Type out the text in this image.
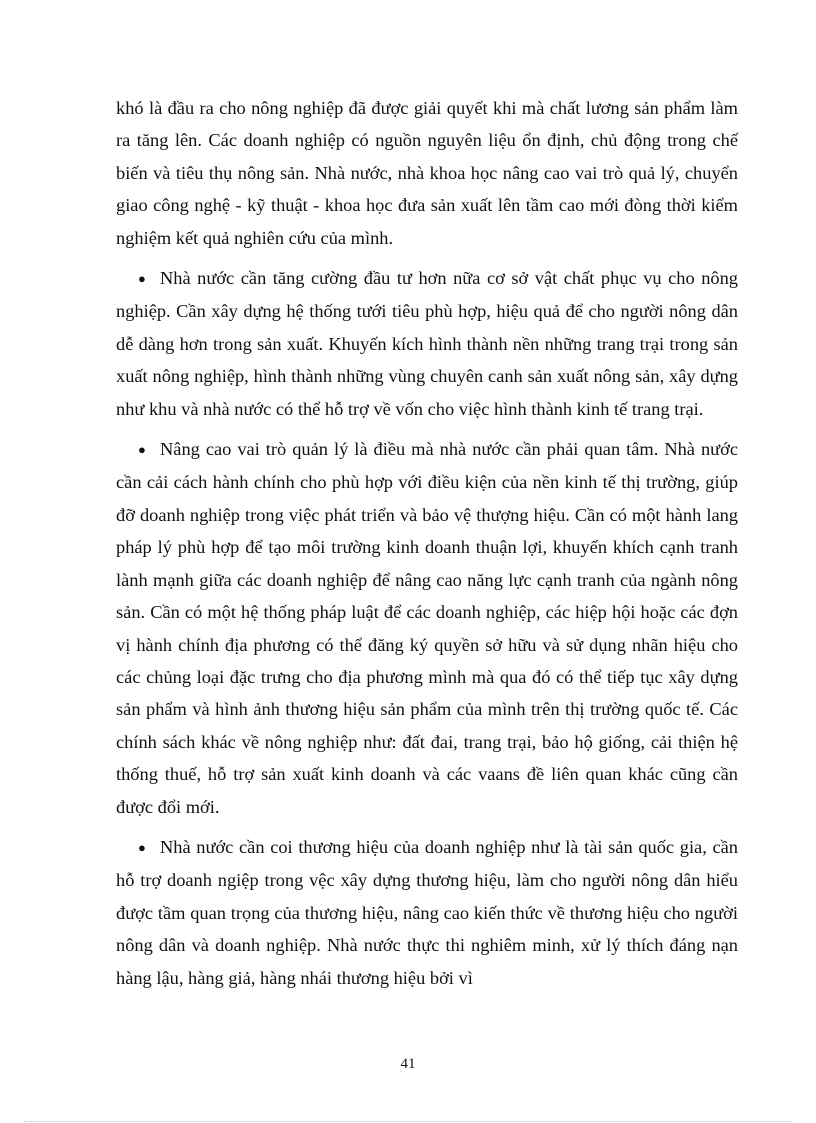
khó là đầu ra cho nông nghiệp đã được giải quyết khi mà chất lương sản phẩm làm ra tăng lên. Các doanh nghiệp có nguồn nguyên liệu ổn định, chủ động trong chế biến và tiêu thụ nông sản. Nhà nước, nhà khoa học nâng cao vai trò quả lý, chuyển giao công nghệ - kỹ thuật - khoa học đưa sản xuất lên tầm cao mới đòng thời kiểm nghiệm kết quả nghiên cứu của mình.

● Nhà nước cần tăng cường đầu tư hơn nữa cơ sở vật chất phục vụ cho nông nghiệp. Cần xây dựng hệ thống tưới tiêu phù hợp, hiệu quả để cho người nông dân dễ dàng hơn trong sản xuất. Khuyến kích hình thành nền những trang trại trong sản xuất nông nghiệp, hình thành những vùng chuyên canh sản xuất nông sản, xây dựng như khu và nhà nước có thể hỗ trợ về vốn cho việc hình thành kinh tế trang trại.

● Nâng cao vai trò quản lý là điều mà nhà nước cần phải quan tâm. Nhà nước cần cải cách hành chính cho phù hợp với điều kiện của nền kinh tế thị trường, giúp đỡ doanh nghiệp trong việc phát triển và bảo vệ thượng hiệu. Cần có một hành lang pháp lý phù hợp để tạo môi trường kinh doanh thuận lợi, khuyến khích cạnh tranh lành mạnh giữa các doanh nghiệp để nâng cao năng lực cạnh tranh của ngành nông sản. Cần có một hệ thống pháp luật để các doanh nghiệp, các hiệp hội hoặc các đợn vị hành chính địa phương có thể đăng ký quyền sở hữu và sử dụng nhãn hiệu cho các chủng loại đặc trưng cho địa phương mình mà qua đó có thể tiếp tục xây dựng sản phẩm và hình ảnh thương hiệu sản phẩm của mình trên thị trường quốc tế. Các chính sách khác về nông nghiệp như: đất đai, trang trại, bảo hộ giống, cải thiện hệ thống thuế, hỗ trợ sản xuất kinh doanh và các vaans đề liên quan khác cũng cần được đổi mới.

● Nhà nước cần coi thương hiệu của doanh nghiệp như là tài sản quốc gia, cần hỗ trợ doanh ngiệp trong vệc xây dựng thương hiệu, làm cho người nông dân hiểu được tầm quan trọng của thương hiệu, nâng cao kiến thức về thương hiệu cho người nông dân và doanh nghiệp. Nhà nước thực thi nghiêm minh, xử lý thích đáng nạn hàng lậu, hàng giả, hàng nhái thương hiệu bởi vì

41
